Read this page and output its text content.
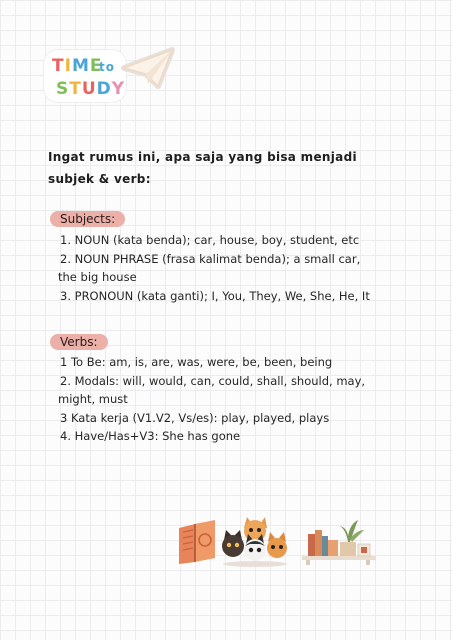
TIME
to
STUDY
Ingat rumus ini, apa saja yang bisa menjadi
subjek & verb:
Subjects:
1. NOUN (kata benda); car, house, boy, student, etc
2. NOUN PHRASE (frasa kalimat benda); a small car,
the big house
3. PRONOUN (kata ganti); I, You, They, We, She, He, It
Verbs:
1 To Be: am, is, are, was, were, be, been, being
2. Modals: will, would, can, could, shall, should, may,
might, must
3 Kata kerja (V1.V2, Vs/es): play, played, plays
4. Have/Has+V3: She has gone
